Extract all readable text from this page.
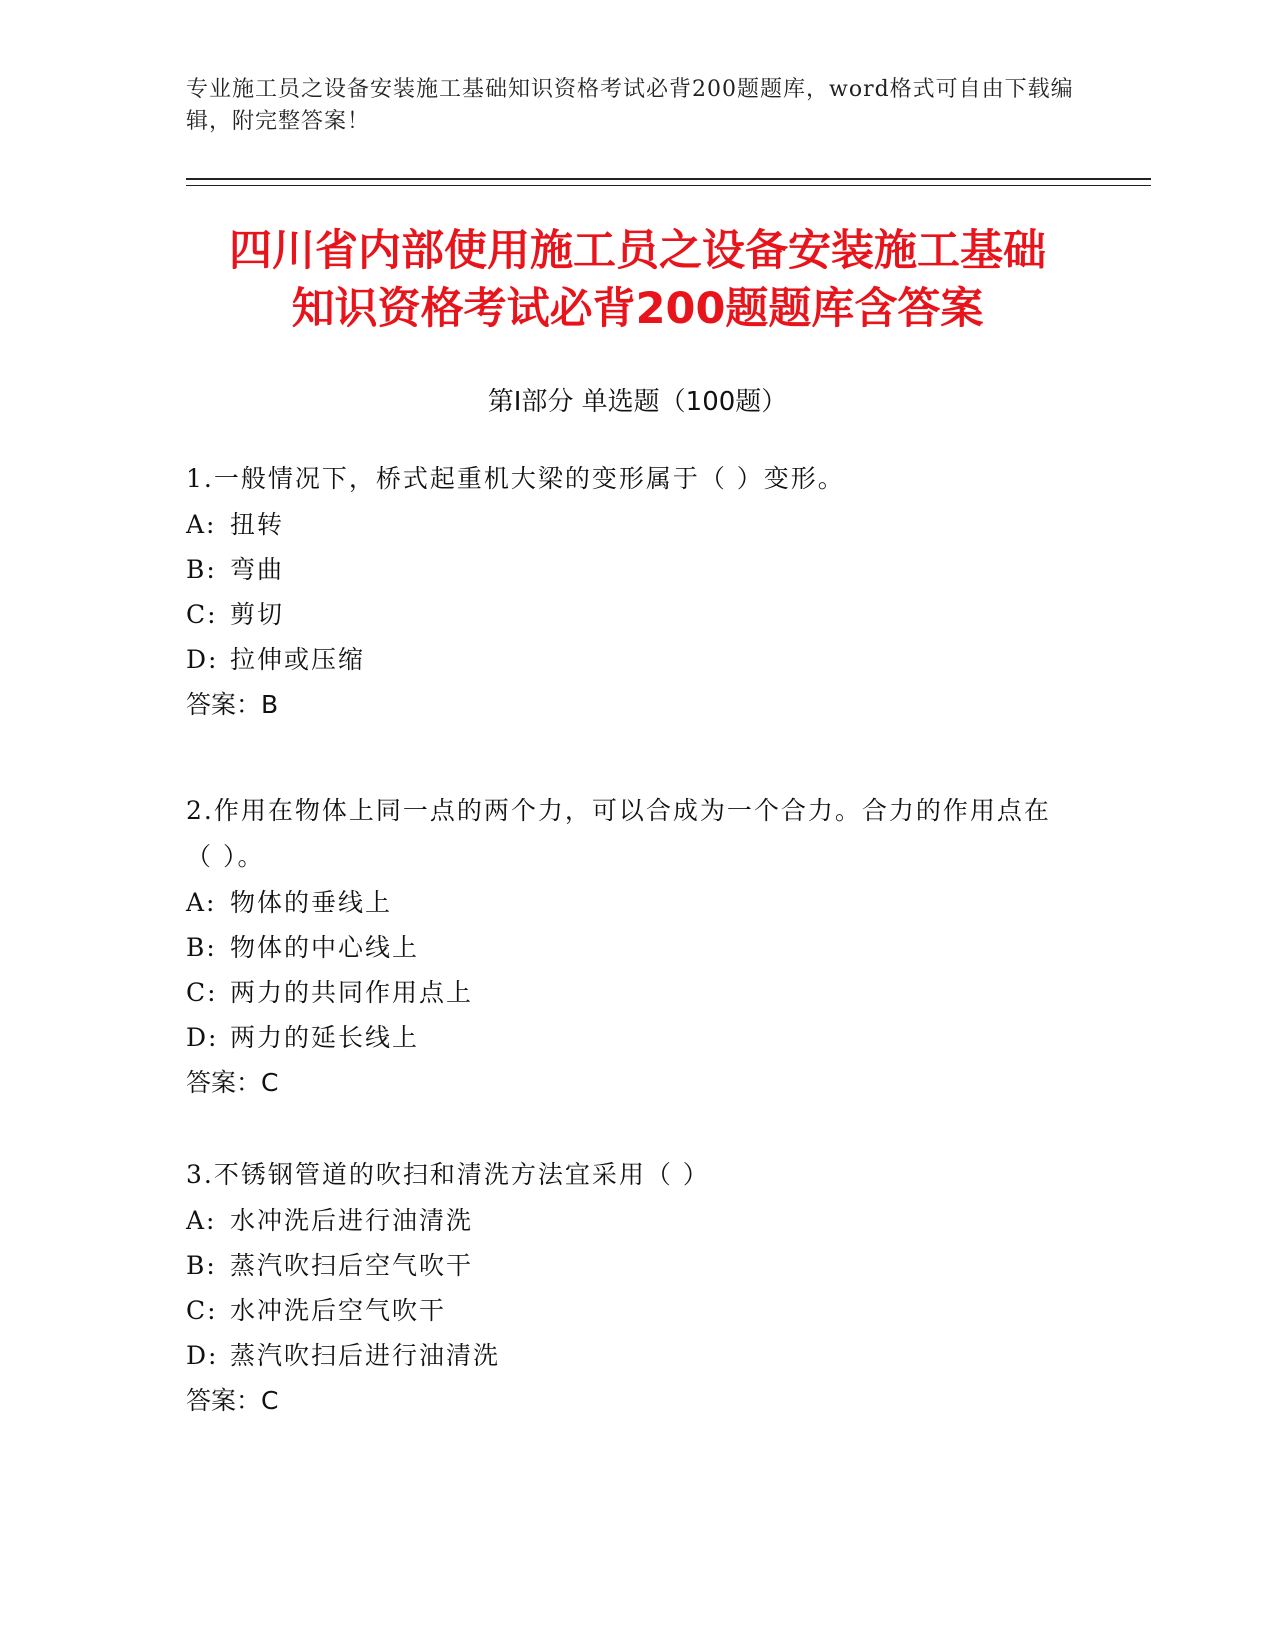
专业施工员之设备安装施工基础知识资格考试必背200题题库，word格式可自由下载编辑，附完整答案！
四川省内部使用施工员之设备安装施工基础
知识资格考试必背200题题库含答案
第Ⅰ部分 单选题（100题）
1.一般情况下，桥式起重机大梁的变形属于（ ）变形。
A: 扭转
B: 弯曲
C: 剪切
D: 拉伸或压缩
答案：B
2.作用在物体上同一点的两个力，可以合成为一个合力。合力的作用点在（ ）。
A: 物体的垂线上
B: 物体的中心线上
C: 两力的共同作用点上
D: 两力的延长线上
答案：C
3.不锈钢管道的吹扫和清洗方法宜采用（ ）
A: 水冲洗后进行油清洗
B: 蒸汽吹扫后空气吹干
C: 水冲洗后空气吹干
D: 蒸汽吹扫后进行油清洗
答案：C
